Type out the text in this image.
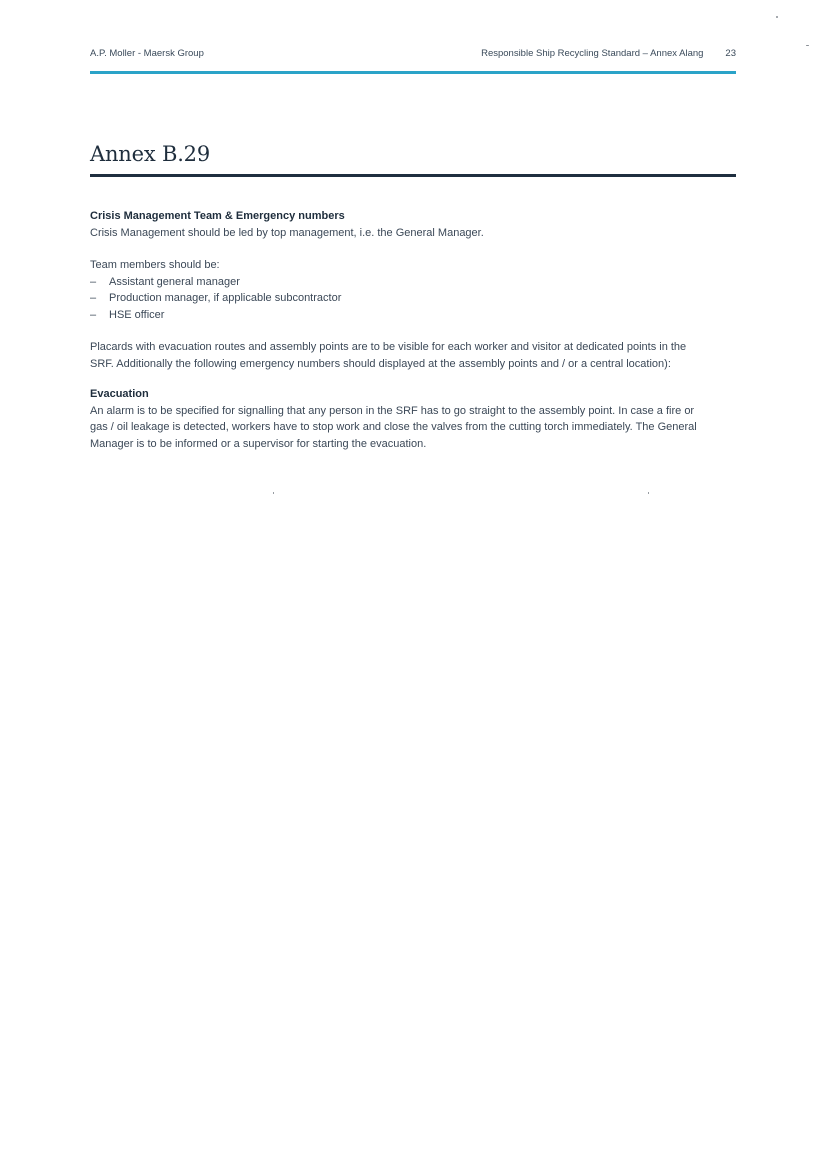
A.P. Moller - Maersk Group	Responsible Ship Recycling Standard – Annex Alang 23
Annex B.29

Crisis Management Team & Emergency numbers

Crisis Management should be led by top management, i.e. the General Manager.

Team members should be:

– Assistant general manager
– Production manager, if applicable subcontractor
– HSE officer

Placards with evacuation routes and assembly points are to be visible for each worker and visitor at dedicated points in the

SRF. Additionally the following emergency numbers should displayed at the assembly points and / or a central location):

Evacuation

An alarm is to be specified for signalling that any person in the SRF has to go straight to the assembly point. In case a fire or

gas / oil leakage is detected, workers have to stop work and close the valves from the cutting torch immediately. The General

Manager is to be informed or a supervisor for starting the evacuation.
